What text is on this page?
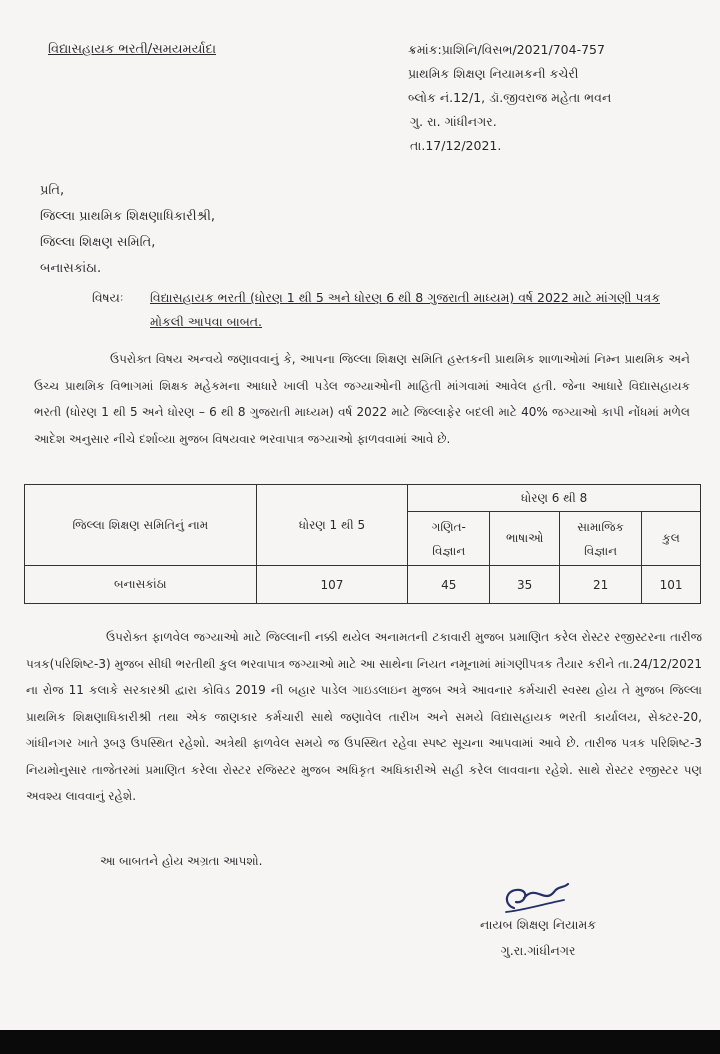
વિદ્યાસહાયક ભરતી/સમયમર્યાદા	ક્રમાંક:પ્રાશિનિ/વિસભ/2021/704-757
પ્રાથમિક શિક્ષણ નિયામકની કચેરી
બ્લોક નં.12/1, ડૉ.જીવરાજ મહેતા ભવન
ગુ. રા. ગાંધીનગર.
તા.17/12/2021.
પ્રતિ,
જિલ્લા પ્રાથમિક શિક્ષણાધિકારીશ્રી,
જિલ્લા શિક્ષણ સમિતિ,
બનાસકાંઠા.
વિષયઃ વિદ્યાસહાયક ભરતી (ધોરણ 1 થી 5 અને ધોરણ 6 થી 8 ગુજરાતી માધ્યમ) વર્ષ 2022 માટે માંગણી પત્રક મોકલી આપવા બાબત.
ઉપરોક્ત વિષય અન્વયે જણાવવાનું કે, આપના જિલ્લા શિક્ષણ સમિતિ હસ્તકની પ્રાથમિક શાળાઓમાં નિમ્ન પ્રાથમિક અને ઉચ્ચ પ્રાથમિક વિભાગમાં શિક્ષક મહેકમના આધારે ખાલી પડેલ જગ્યાઓની માહિતી માંગવામાં આવેલ હતી. જેના આધારે વિદ્યાસહાયક ભરતી (ધોરણ 1 થી 5 અને ધોરણ – 6 થી 8 ગુજરાતી માધ્યમ) વર્ષ 2022 માટે જિલ્લાફેર બદલી માટે 40% જગ્યાઓ કાપી નોંધમાં મળેલ આદેશ અનુસાર નીચે દર્શાવ્યા મુજબ વિષયવાર ભરવાપાત્ર જગ્યાઓ ફાળવવામાં આવે છે.
જિલ્લા શિક્ષણ સમિતિનું નામ	ધોરણ 1 થી 5	ધોરણ 6 થી 8			
		ગણિત-વિજ્ઞાન	ભાષાઓ	સામાજિક વિજ્ઞાન	કુલ
બનાસકાંઠા	107	45	35	21	101
ઉપરોક્ત ફાળવેલ જગ્યાઓ માટે જિલ્લાની નક્કી થયેલ અનામતની ટકાવારી મુજબ પ્રમાણિત કરેલ રોસ્ટર રજીસ્ટરના તારીજ પત્રક(પરિશિષ્ટ-3) મુજબ સીધી ભરતીથી કુલ ભરવાપાત્ર જગ્યાઓ માટે આ સાથેના નિયત નમૂનામાં માંગણીપત્રક તૈયાર કરીને તા.24/12/2021 ના રોજ 11 કલાકે સરકારશ્રી દ્વારા કોવિડ 2019 ની બહાર પાડેલ ગાઇડલાઇન મુજબ અત્રે આવનાર કર્મચારી સ્વસ્થ હોય તે મુજબ જિલ્લા પ્રાથમિક શિક્ષણાધિકારીશ્રી તથા એક જાણકાર કર્મચારી સાથે જણાવેલ તારીખ અને સમયે વિદ્યાસહાયક ભરતી કાર્યાલય, સેક્ટર-20, ગાંધીનગર ખાતે રૂબરૂ ઉપસ્થિત રહેશો. અત્રેથી ફાળવેલ સમયે જ ઉપસ્થિત રહેવા સ્પષ્ટ સૂચના આપવામાં આવે છે. તારીજ પત્રક પરિશિષ્ટ-3 નિયમોનુસાર તાજેતરમાં પ્રમાણિત કરેલા રોસ્ટર રજિસ્ટર મુજબ અધિકૃત અધિકારીએ સહી કરેલ લાવવાના રહેશે. સાથે રોસ્ટર રજીસ્ટર પણ અવશ્ય લાવવાનું રહેશે.
આ બાબતને હોય અગ્રતા આપશો.
નાયબ શિક્ષણ નિયામક
ગુ.રા.ગાંધીનગર
